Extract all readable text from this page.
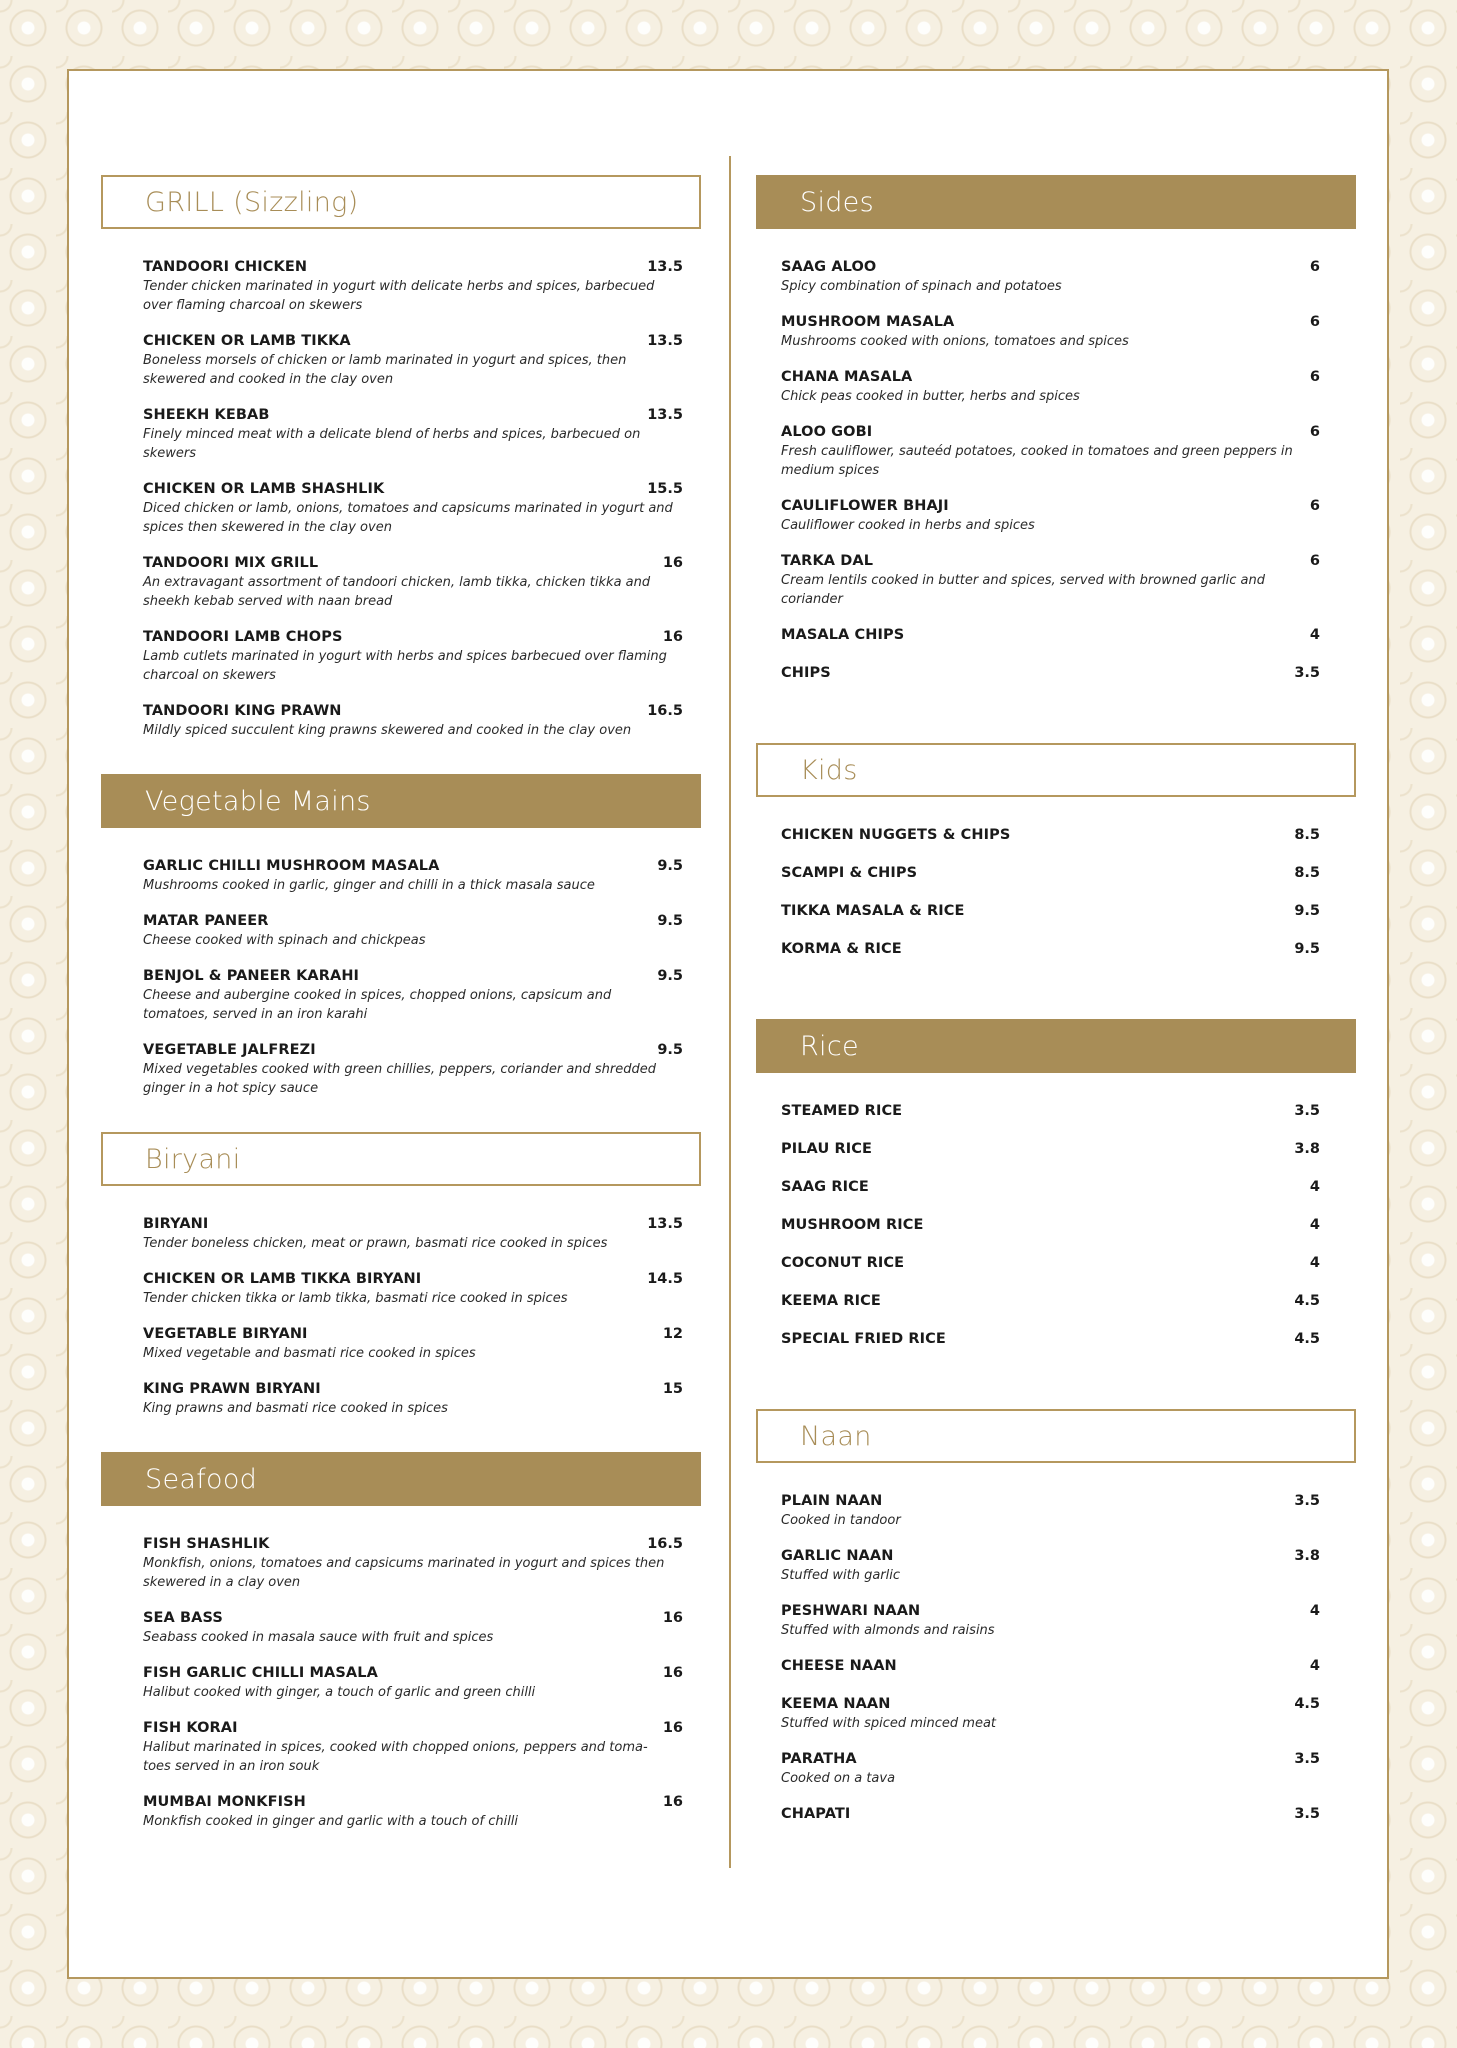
GRILL (Sizzling)
TANDOORI CHICKEN	13.5
Tender chicken marinated in yogurt with delicate herbs and spices, barbecued over flaming charcoal on skewers
CHICKEN OR LAMB TIKKA	13.5
Boneless morsels of chicken or lamb marinated in yogurt and spices, then skewered and cooked in the clay oven
SHEEKH KEBAB	13.5
Finely minced meat with a delicate blend of herbs and spices, barbecued on skewers
CHICKEN OR LAMB SHASHLIK	15.5
Diced chicken or lamb, onions, tomatoes and capsicums marinated in yogurt and spices then skewered in the clay oven
TANDOORI MIX GRILL	16
An extravagant assortment of tandoori chicken, lamb tikka, chicken tikka and sheekh kebab served with naan bread
TANDOORI LAMB CHOPS	16
Lamb cutlets marinated in yogurt with herbs and spices barbecued over flaming charcoal on skewers
TANDOORI KING PRAWN	16.5
Mildly spiced succulent king prawns skewered and cooked in the clay oven
Vegetable Mains
GARLIC CHILLI MUSHROOM MASALA	9.5
Mushrooms cooked in garlic, ginger and chilli in a thick masala sauce
MATAR PANEER	9.5
Cheese cooked with spinach and chickpeas
BENJOL & PANEER KARAHI	9.5
Cheese and aubergine cooked in spices, chopped onions, capsicum and tomatoes, served in an iron karahi
VEGETABLE JALFREZI	9.5
Mixed vegetables cooked with green chillies, peppers, coriander and shredded ginger in a hot spicy sauce
Biryani
BIRYANI	13.5
Tender boneless chicken, meat or prawn, basmati rice cooked in spices
CHICKEN OR LAMB TIKKA BIRYANI	14.5
Tender chicken tikka or lamb tikka, basmati rice cooked in spices
VEGETABLE BIRYANI	12
Mixed vegetable and basmati rice cooked in spices
KING PRAWN BIRYANI	15
King prawns and basmati rice cooked in spices
Seafood
FISH SHASHLIK	16.5
Monkfish, onions, tomatoes and capsicums marinated in yogurt and spices then skewered in a clay oven
SEA BASS	16
Seabass cooked in masala sauce with fruit and spices
FISH GARLIC CHILLI MASALA	16
Halibut cooked with ginger, a touch of garlic and green chilli
FISH KORAI	16
Halibut marinated in spices, cooked with chopped onions, peppers and toma-toes served in an iron souk
MUMBAI MONKFISH	16
Monkfish cooked in ginger and garlic with a touch of chilli
Sides
SAAG ALOO	6
Spicy combination of spinach and potatoes
MUSHROOM MASALA	6
Mushrooms cooked with onions, tomatoes and spices
CHANA MASALA	6
Chick peas cooked in butter, herbs and spices
ALOO GOBI	6
Fresh cauliflower, sauteéd potatoes, cooked in tomatoes and green peppers in medium spices
CAULIFLOWER BHAJI	6
Cauliflower cooked in herbs and spices
TARKA DAL	6
Cream lentils cooked in butter and spices, served with browned garlic and coriander
MASALA CHIPS	4
CHIPS	3.5
Kids
CHICKEN NUGGETS & CHIPS	8.5
SCAMPI & CHIPS	8.5
TIKKA MASALA & RICE	9.5
KORMA & RICE	9.5
Rice
STEAMED RICE	3.5
PILAU RICE	3.8
SAAG RICE	4
MUSHROOM RICE	4
COCONUT RICE	4
KEEMA RICE	4.5
SPECIAL FRIED RICE	4.5
Naan
PLAIN NAAN	3.5
Cooked in tandoor
GARLIC NAAN	3.8
Stuffed with garlic
PESHWARI NAAN	4
Stuffed with almonds and raisins
CHEESE NAAN	4
KEEMA NAAN	4.5
Stuffed with spiced minced meat
PARATHA	3.5
Cooked on a tava
CHAPATI	3.5
